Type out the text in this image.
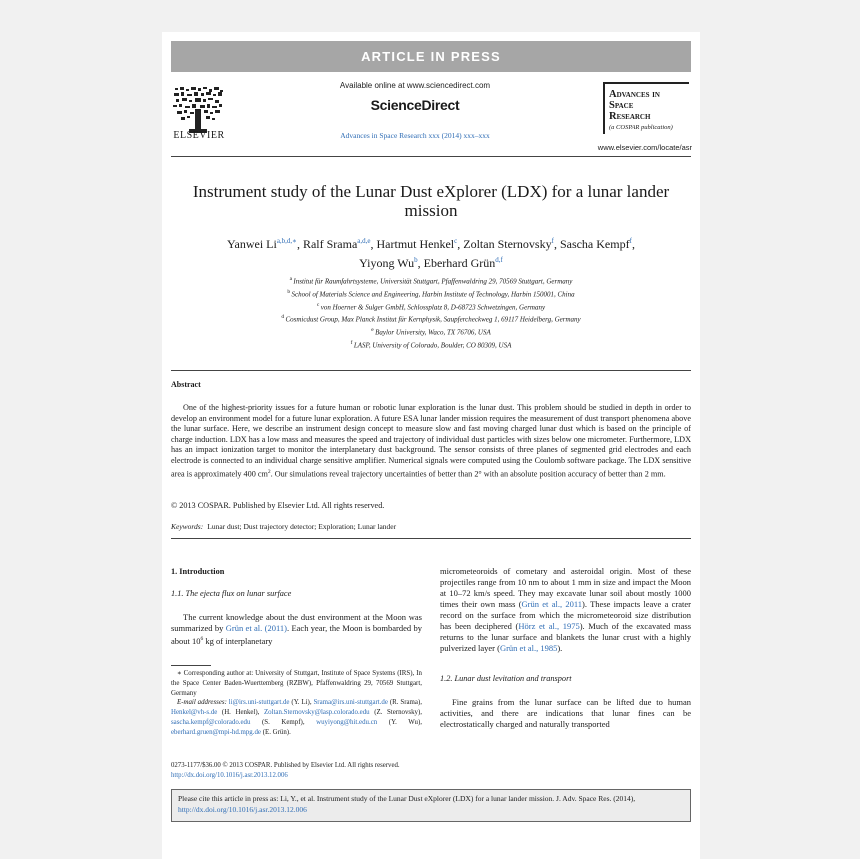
ARTICLE IN PRESS
ELSEVIER
Available online at www.sciencedirect.com
ScienceDirect
Advances in Space Research xxx (2014) xxx–xxx
Advances in
Space
Research
(a COSPAR publication)
www.elsevier.com/locate/asr
Instrument study of the Lunar Dust eXplorer (LDX) for a lunar lander mission
Yanwei $Li^{a,b,d,∗}$, Ralf Srama$^{a,d,e}$, Hartmut Henkel$^c$, Zoltan Sternovsky$^f$, Sascha Kempf$^f$,
Yiyong Wu$^b$, Eberhard Grün$^{d,f}$
$^a$ Institut für Raumfahrtsysteme, Universität Stuttgart, Pfaffenwaldring 29, 70569 Stuttgart, Germany
$^b$ School of Materials Science and Engineering, Harbin Institute of Technology, Harbin 150001, China
$^c$ von Hoerner & Sulger GmbH, Schlossplatz 8, D-68723 Schwetzingen, Germany
$^d$ Cosmicdust Group, Max Planck Institut für Kernphysik, Saupfercheckweg 1, 69117 Heidelberg, Germany
$^e$ Baylor University, Waco, TX 76706, USA
$^f$ LASP, University of Colorado, Boulder, CO 80309, USA
Abstract
One of the highest-priority issues for a future human or robotic lunar exploration is the lunar dust. This problem should be studied in depth in order to develop an environment model for a future lunar exploration. A future ESA lunar lander mission requires the measurement of dust transport phenomena above the lunar surface. Here, we describe an instrument design concept to measure slow and fast moving charged lunar dust which is based on the principle of charge induction. LDX has a low mass and measures the speed and trajectory of individual dust particles with sizes below one micrometer. Furthermore, LDX has an impact ionization target to monitor the interplanetary dust background. The sensor consists of three planes of segmented grid electrodes and each electrode is connected to an individual charge sensitive amplifier. Numerical signals were computed using the Coulomb software package. The LDX sensitive area is approximately 400 $cm^2$. Our simulations reveal trajectory uncertainties of better than 2° with an absolute position accuracy of better than 2 mm.
© 2013 COSPAR. Published by Elsevier Ltd. All rights reserved.
Keywords: Lunar dust; Dust trajectory detector; Exploration; Lunar lander
1. Introduction
1.1. The ejecta flux on lunar surface
The current knowledge about the dust environment at the Moon was summarized by Grün et al. (2011). Each year, the Moon is bombarded by about $10^6$ kg of interplanetary
∗ Corresponding author at: University of Stuttgart, Institute of Space Systems (IRS), In the Space Center Baden-Wuerttemberg (RZBW), Pfaffenwaldring 29, 70569 Stuttgart, Germany
E-mail addresses: li@irs.uni-stuttgart.de (Y. Li), Srama@irs.uni-stuttgart.de (R. Srama), Henkel@vh-s.de (H. Henkel), Zoltan.Sternovsky@lasp.colorado.edu (Z. Sternovsky), sascha.kempf@colorado.edu (S. Kempf), wuyiyong@hit.edu.cn (Y. Wu), eberhard.gruen@mpi-hd.mpg.de (E. Grün).
micrometeoroids of cometary and asteroidal origin. Most of these projectiles range from 10 nm to about 1 mm in size and impact the Moon at 10–72 km/s speed. They may excavate lunar soil about mostly 1000 times their own mass (Grün et al., 2011). These impacts leave a crater record on the surface from which the micrometeoroid size distribution has been deciphered (Hörz et al., 1975). Much of the excavated mass returns to the lunar surface and blankets the lunar crust with a highly pulverized layer (Grün et al., 1985).
1.2. Lunar dust levitation and transport
Fine grains from the lunar surface can be lifted due to human activities, and there are indications that lunar fines can be electrostatically charged and naturally transported
0273-1177/$36.00 © 2013 COSPAR. Published by Elsevier Ltd. All rights reserved.
http://dx.doi.org/10.1016/j.asr.2013.12.006
Please cite this article in press as: Li, Y., et al. Instrument study of the Lunar Dust eXplorer (LDX) for a lunar lander mission. J. Adv. Space Res. (2014), http://dx.doi.org/10.1016/j.asr.2013.12.006
